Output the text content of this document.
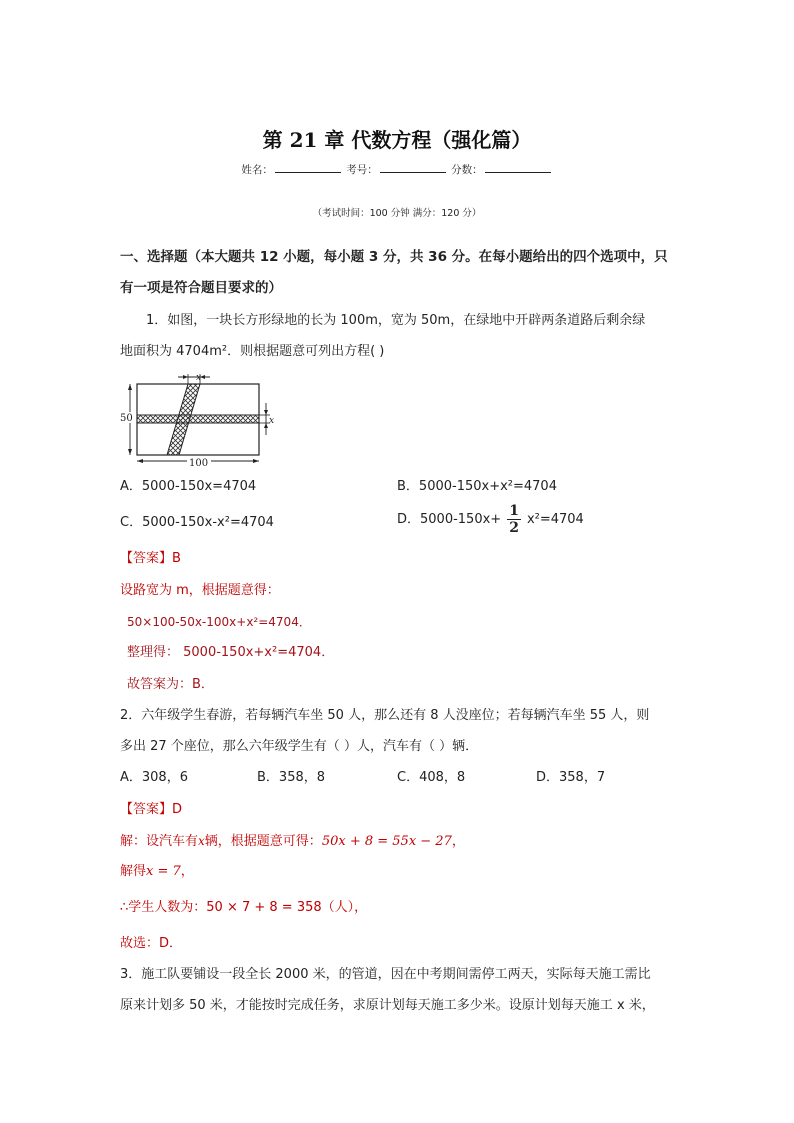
第 21 章 代数方程（强化篇）
姓名：	考号：	分数：
（考试时间：100 分钟 满分：120 分）
一、选择题（本大题共 12 小题，每小题 3 分，共 36 分。在每小题给出的四个选项中，只
有一项是符合题目要求的）
1．如图，一块长方形绿地的长为 100m，宽为 50m，在绿地中开辟两条道路后剩余绿
地面积为 4704m²．则根据题意可列出方程( )
x
x
50
100
A．5000-150x=4704	B．5000-150x+x²=4704
C．5000-150x-x²=4704	D．$5000-150x+ \frac{1}{2} x^2=4704$
【答案】B
设路宽为 m，根据题意得：
50×100-50x-100x+x²=4704．
整理得： 5000-150x+x²=4704．
故答案为：B．
2．六年级学生春游，若每辆汽车坐 50 人，那么还有 8 人没座位；若每辆汽车坐 55 人，则
多出 27 个座位，那么六年级学生有（ ）人，汽车有（ ）辆．
A．308，6	B．358，8	C．408，8	D．358，7
【答案】D
解：设汽车有x辆，根据题意可得：50x + 8 = 55x − 27，
解得x = 7，
∴学生人数为：50 × 7 + 8 = 358（人），
故选：D．
3．施工队要铺设一段全长 2000 米，的管道，因在中考期间需停工两天，实际每天施工需比
原来计划多 50 米，才能按时完成任务，求原计划每天施工多少米。设原计划每天施工 x 米，
